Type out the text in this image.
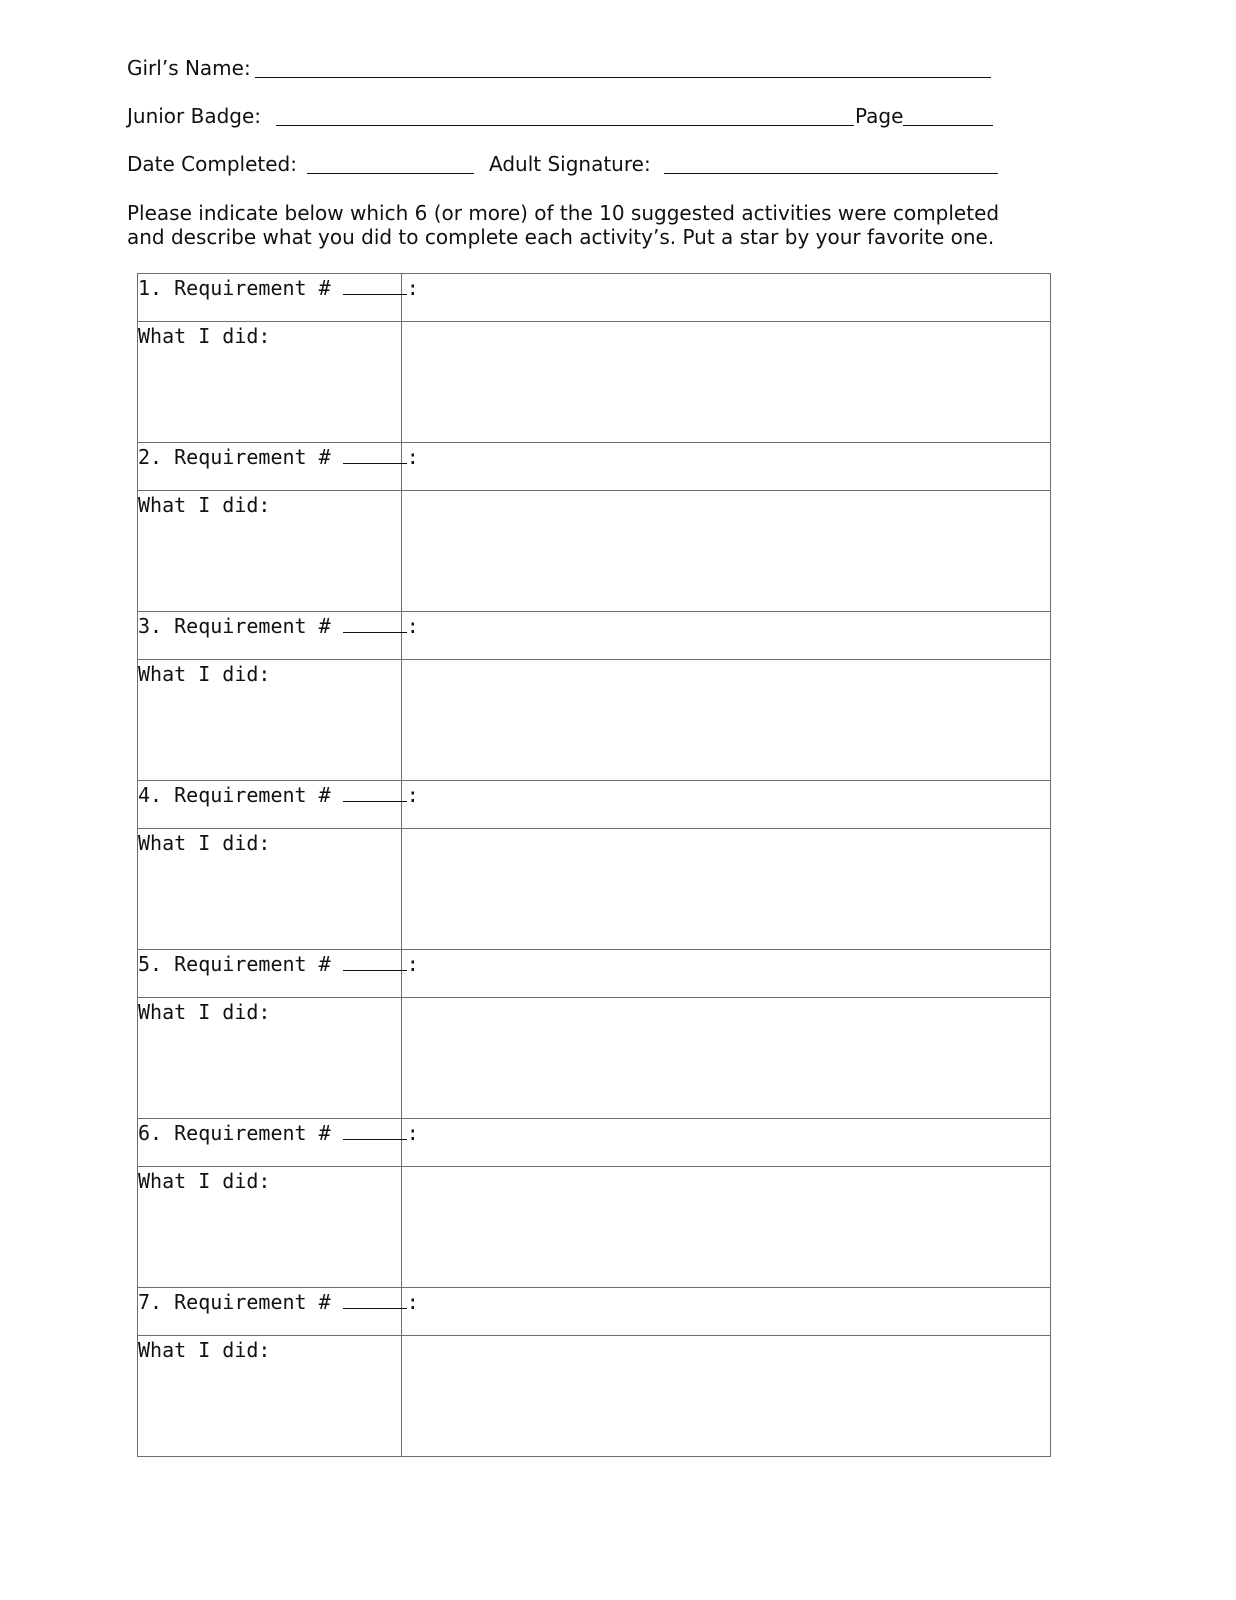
Girl’s Name:
Junior Badge:	Page
Date Completed:	Adult Signature:
Please indicate below which 6 (or more) of the 10 suggested activities were completed
and describe what you did to complete each activity’s. Put a star by your favorite one.
1. Requirement # :	

What I did:	

2. Requirement # :	

What I did:	

3. Requirement # :	

What I did:	

4. Requirement # :	

What I did:	

5. Requirement # :	

What I did:	

6. Requirement # :	

What I did:	

7. Requirement # :	

What I did:	
